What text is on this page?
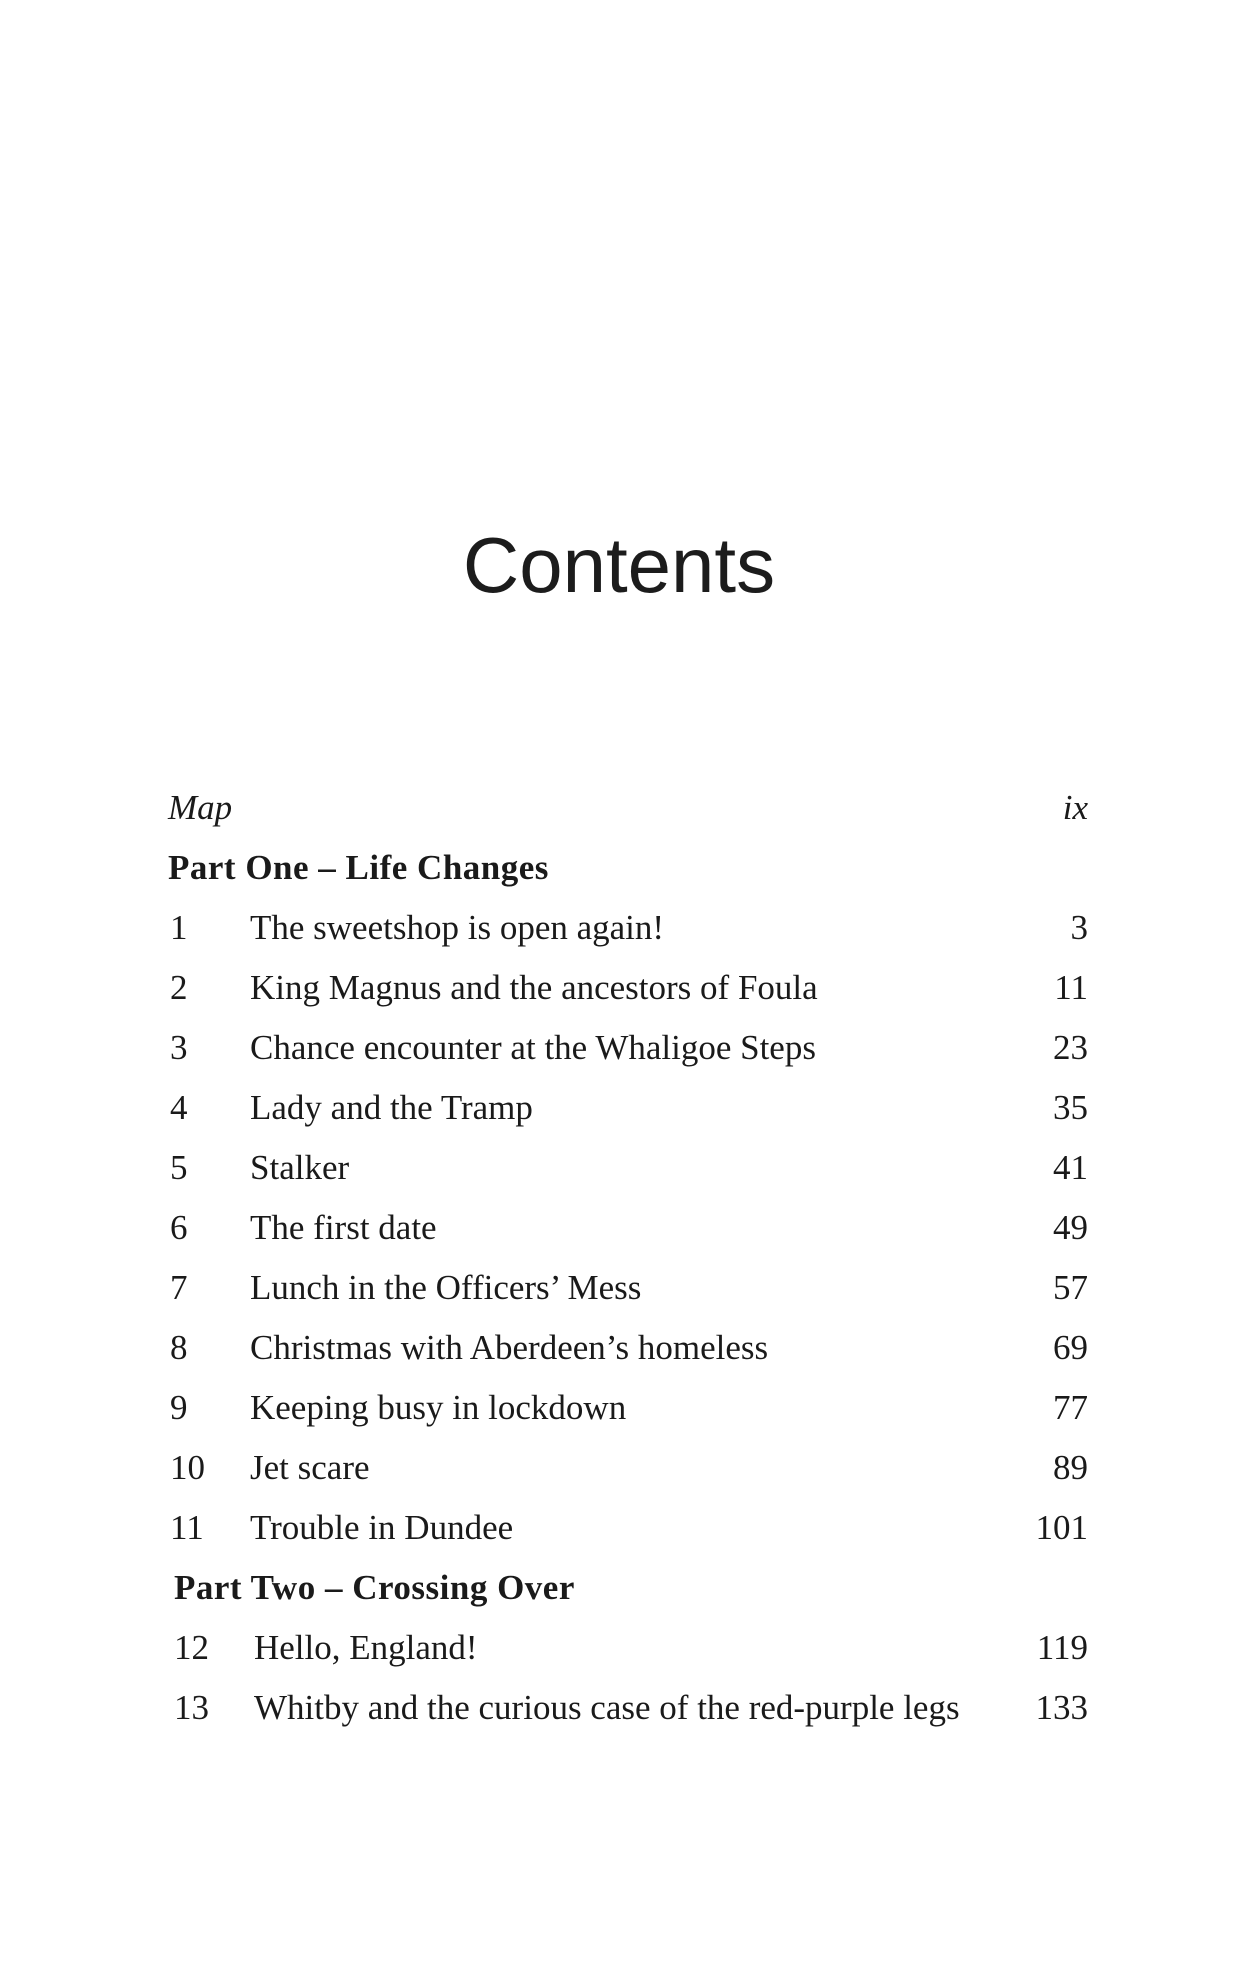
Contents
Map	ix
Part One – Life Changes
1 The sweetshop is open again!	3
2 King Magnus and the ancestors of Foula	11
3 Chance encounter at the Whaligoe Steps	23
4 Lady and the Tramp	35
5 Stalker	41
6 The first date	49
7 Lunch in the Officers’ Mess	57
8 Christmas with Aberdeen’s homeless	69
9 Keeping busy in lockdown	77
10 Jet scare	89
11 Trouble in Dundee	101
Part Two – Crossing Over
12 Hello, England!	119
13 Whitby and the curious case of the red-purple legs 133
